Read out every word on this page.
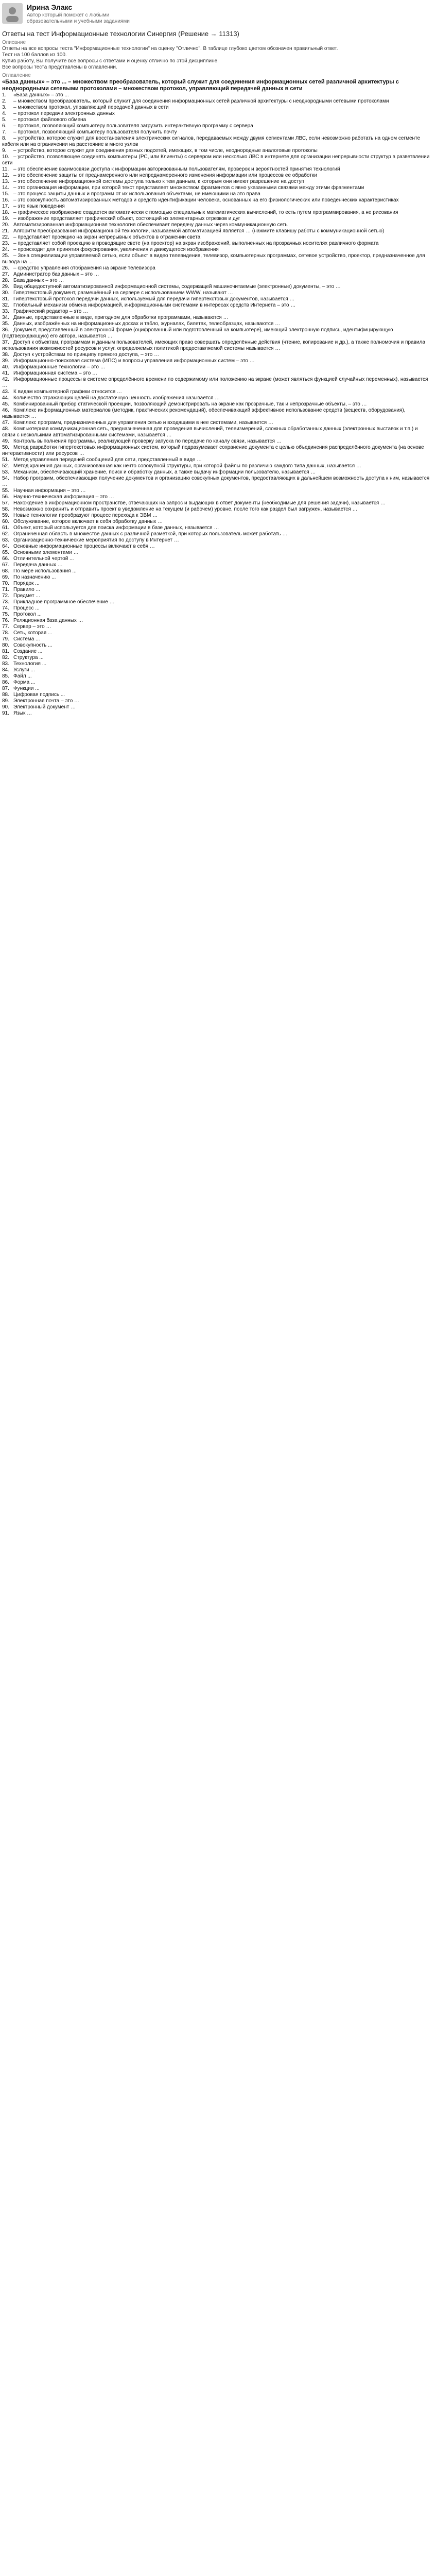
Ирина Элакс
Автор который поможет с любыми образовательными и учебными заданиями
Ответы на тест Информационные технологии Синергия (Решение → 11313)
Описание
Ответы на все вопросы теста "Информационные технологии" на оценку "Отлично". В таблице глубоко цветом обозначен правильный ответ.
Тест на 100 баллов из 100.
Купив работу, Вы получите все вопросы с ответами и оценку отлично по этой дисциплине.
Все вопросы теста представлены в оглавлении.
Оглавление
«База данных» – это ... – множеством преобразователь, который служит для соединения информационных сетей различной архитектуры с неоднородными сетевыми протоколами – множеством протокол, управляющий передачей данных в сети
1. «База данных» – это ...
2. – множеством преобразователь, который служит для соединения информационных сетей различной архитектуры с неоднородными сетевыми протоколами
3. – множеством протокол, управляющий передачей данных в сети
4. – протокол передачи электронных данных
5. – протокол файлового обмена
6. – протокол, позволяющий компьютеру пользователя загрузить интерактивную программу с сервера
7. – протокол, позволяющий компьютеру пользователя получить почту
8. – устройство, которое служит для восстановления электрических сигналов, передаваемых между двумя сегментами ЛВС, если невозможно работать на одном сегменте кабеля или на ограничении на расстояние в много узлов
9. – устройство, которое служит для соединения разных подсетей, имеющих, в том числе, неоднородные аналоговые протоколы
10. – устройство, позволяющее соединять компьютеры (РС, или Клиенты) с сервером или несколько ЛВС в интернете для организации непрерывности структур в разветвлении сети
11. – это обеспечение взаимосвязи доступа к информации авторизованным пользователям, проверок и вероятностей принятия технологий
12. – это обеспечение защиты от преднамеренного или непреднамеренного изменения информации или процессов ее обработки
13. – это обеспечение информационной системы доступа только к тем данным, к которым они имеют разрешение на доступ
14. – это организация информации, при которой текст представляет множеством фрагментов с явно указанными связями между этими фрагментами
15. – это процесс защиты данных и программ от их использования объектами, не имеющими на это права
16. – это совокупность автоматизированных методов и средств идентификации человека, основанных на его физиологических или поведенческих характеристиках
17. – это язык поведения
18. – графическое изображение создается автоматически с помощью специальных математических вычислений, то есть путем программирования, а не рисования
19. – изображение представляет графический объект, состоящий из элементарных отрезков и дуг
20. Автоматизированная информационная технология обеспечивает передачу данных через коммуникационную сеть
21. Алгоритм преобразования информационной технологии, называемой автоматизацией является … (нажмите клавишу работы с коммуникационной сетью)
22. – представляет проекцию на экран непрерывных объектов в отражении света
23. – представляет собой проекцию в проводящие свете (на проектор) на экран изображений, выполненных на прозрачных носителях различного формата
24. – происходит для принятия фокусирования, увеличения и движущегося изображения
25. – Зона специализации управляемой сетью, если объект в видео телевидения, телевизор, компьютерных программах, сетевое устройство, проектор, предназначенное для вывода на ...
26. – средство управления отображения на экране телевизора
27. Администратор баз данных – это …
28. База данных – это …
29. Вид общедоступной автоматизированной информационной системы, содержащей машиночитаемые (электронные) документы, – это …
30. Гипертекстовый документ, размещённый на сервере с использованием WWW, называют …
31. Гипертекстовый протокол передачи данных, используемый для передачи гипертекстовых документов, называется …
32. Глобальный механизм обмена информацией, информационными системами в интересах средств Интернета – это …
33. Графический редактор – это …
34. Данные, представленные в виде, пригодном для обработки программами, называются …
35. Данных, изображённых на информационных досках и табло, журналах, билетах, телеобразцах, называются …
36. Документ, представленный в электронной форме (оцифрованный или подготовленный на компьютере), имеющий электронную подпись, идентифицирующую (подтверждающую) его автора, называется …
37. Доступ к объектам, программам и данным пользователей, имеющих право совершать определённые действия (чтение, копирование и др.), а также полномочия и правила использования возможностей ресурсов и услуг, определяемых политикой предоставляемой системы называется …
38. Доступ к устройствам по принципу прямого доступа, – это …
39. Информационно-поисковая система (ИПС) и вопросы управления информационных систем – это …
40. Информационные технологии – это …
41. Информационная система – это …
42. Информационные процессы в системе определённого времени по содержимому или положению на экране (может являться функцией случайных переменных), называется …
43. К видам компьютерной графики относится …
44. Количество отражающих целей на достаточную ценность изображения называется …
45. Комбинированный прибор статической проекции, позволяющий демонстрировать на экране как прозрачные, так и непрозрачные объекты, – это …
46. Комплекс информационных материалов (методик, практических рекомендаций), обеспечивающий эффективное использование средств (веществ, оборудования), называется …
47. Комплекс программ, предназначенных для управления сетью и входящими в нее системами, называется …
48. Компьютерная коммуникационная сеть, предназначенная для проведения вычислений, телеизмерений, сложных обработанных данных (электронных выставок и т.п.) и связи с несколькими автоматизированными системами, называется …
49. Контроль выполнения программы, реализующей проверку запуска по передаче по каналу связи, называется …
50. Метод разработки гипертекстовых информационных систем, который подразумевает сохранение документа с целью объединения распределённого документа (на основе интерактивности) или ресурсов …
51. Метод управления передачей сообщений для сети, представленный в виде …
52. Метод хранения данных, организованная как нечто совокупной структуры, при которой файлы по различию каждого типа данных, называется …
53. Механизм, обеспечивающий хранение, поиск и обработку данных, а также выдачу информации пользователю, называется …
54. Набор программ, обеспечивающих получение документов и организацию совокупных документов, предоставляющих в дальнейшем возможность доступа к ним, называется …
55. Научная информация – это …
56. Научно-техническая информация – это …
57. Нахождение в информационном пространстве, отвечающих на запрос и выдающих в ответ документы (необходимые для решения задачи), называется …
58. Невозможно сохранить и отправить проект в уведомление на текущем (и рабочем) уровне, после того как раздел был загружен, называется …
59. Новые технологии преобразуют процесс перехода к ЭВМ …
60. Обслуживание, которое включает в себя обработку данных …
61. Объект, который используется для поиска информации в базе данных, называется …
62. Ограниченная область в множестве данных с различной разметкой, при которых пользователь может работать …
63. Организационно-технические мероприятия по доступу в Интернет …
64. Основные информационные процессы включают в себя …
65. Основными элементами …
66. Отличительной чертой ...
67. Передача данных …
68. По мере использования ...
69. По назначению ...
70. Порядок ...
71. Правило ...
72. Предмет ...
73. Прикладное программное обеспечение …
74. Процесс ...
75. Протокол ...
76. Реляционная база данных …
77. Сервер – это …
78. Сеть, которая ...
79. Система ...
80. Совокупность ...
81. Создание ...
82. Структура ...
83. Технология ...
84. Услуги ...
85. Файл ...
86. Форма ...
87. Функции ...
88. Цифровая подпись ...
89. Электронная почта – это …
90. Электронный документ …
91. Язык …
